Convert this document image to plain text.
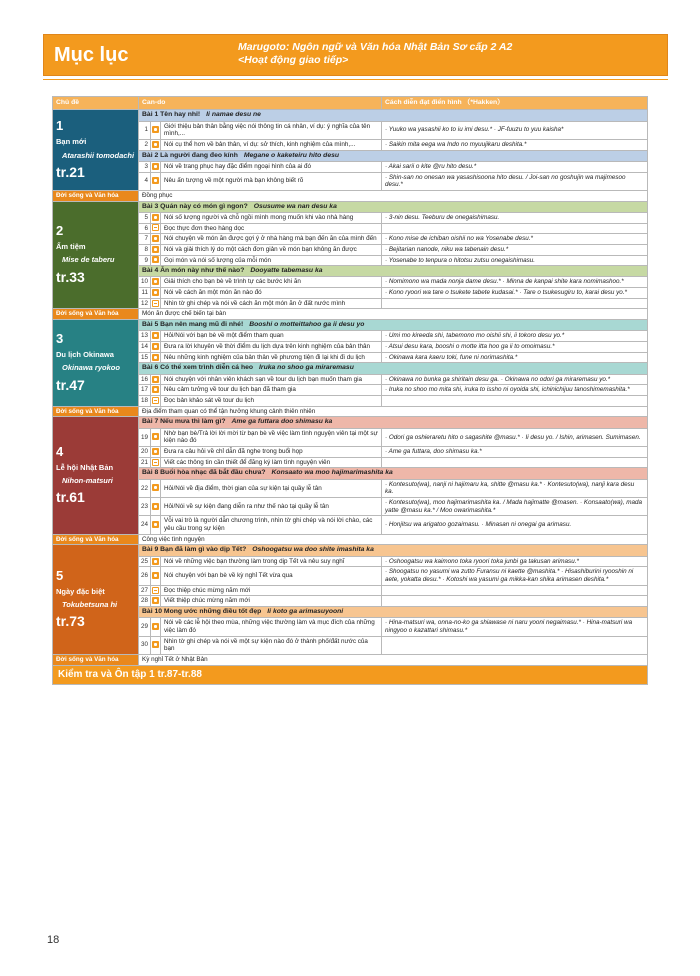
Mục lục	Marugoto: Ngôn ngữ và Văn hóa Nhật Bản Sơ cấp 2 A2
<Hoạt động giao tiếp>
Chủ đề	Can-do			Cách diễn đạt điển hình （*Hakken）

1
Bạn mới
Atarashii tomodachi
tr.21	Bài 1 Tên hay nhỉ! Ii namae desu ne			
	1		Giới thiệu bản thân bằng việc nói thông tin cá nhân, ví dụ: ý nghĩa của tên mình,...	· Yuuko wa yasashii ko to iu imi desu.* · JF-fuuzu to yuu kaisha*
	2		Nói cụ thể hơn về bản thân, ví dụ: sở thích, kinh nghiệm của mình,...	· Saikin mita eega wa Indo no myuujikaru deshita.*
	Bài 2 Là người đang đeo kính Megane o kaketeiru hito desu			
	3		Nói về trang phục hay đặc điểm ngoại hình của ai đó	· Akai sarii o kite @ru hito desu.*
	4		Nêu ấn tượng về một người mà bạn không biết rõ	· Shin-san no onesan wa yasashisoona hito desu. / Joi-san no goshujin wa majimesoo desu.*
Đời sống và Văn hóa	Đồng phục			

2
Ẩm tiệm
Mise de taberu
tr.33	Bài 3 Quán này có món gì ngon? Osusume wa nan desu ka			
	5		Nói số lượng người và chỗ ngồi mình mong muốn khi vào nhà hàng	· 3-nin desu. Teeburu de onegaishimasu.
	6		Đọc thực đơn theo hàng dọc	
	7		Nói chuyện về món ăn được gợi ý ở nhà hàng mà bạn đến ăn của mình đến	· Kono mise de ichiban oishii no wa Yosenabe desu.*
	8		Nói và giải thích lý do một cách đơn giản về món bạn không ăn được	· Bejitarian nanode, niku wa tabenain desu.*
	9		Gọi món và nói số lượng của mỗi món	· Yosenabe to tenpura o hitotsu zutsu onegaishimasu.
	Bài 4 Ăn món này như thế nào? Dooyatte tabemasu ka			
	10		Giải thích cho bạn bè về trình tự các bước khi ăn	· Nomimono wa mada nonja dame desu.* · Minna de kanpai shite kara nomimashoo.*
	11		Nói về cách ăn một món ăn nào đó	· Kono ryoori wa tare o tsukete tabete kudasai.* · Tare o tsukesugiru to, karai desu yo.*
	12		Nhìn tờ ghi chép và nói về cách ăn một món ăn ở đất nước mình	
Đời sống và Văn hóa	Món ăn được chế biến tại bàn			

3
Du lịch Okinawa
Okinawa ryokoo
tr.47	Bài 5 Bạn nên mang mũ đi nhé! Booshi o motteittahoo ga ii desu yo			
	13		Hỏi/Nói với bạn bè về một điểm tham quan	· Umi mo kireeda shi, tabemono mo oishii shi, ii tokoro desu yo.*
	14		Đưa ra lời khuyên về thời điểm du lịch dựa trên kinh nghiệm của bản thân	· Atsui desu kara, booshi o motte itta hoo ga ii to omoimasu.*
	15		Nêu những kinh nghiệm của bản thân về phương tiện đi lại khi đi du lịch	· Okinawa kara kaeru toki, fune ni norimashita.*
	Bài 6 Có thể xem trình diễn cá heo Iruka no shoo ga miraremasu			
	16		Nói chuyện với nhân viên khách sạn về tour du lịch bạn muốn tham gia	· Okinawa no bunka ga shiritain desu ga. · Okinawa no odori ga miraremasu yo.*
	17		Nêu cảm tưởng về tour du lịch bạn đã tham gia	· Iruka no shoo mo mita shi, iruka to issho ni oyoida shi, ichinichijuu tanoshimemashita.*
	18		Đọc bản khảo sát về tour du lịch	
Đời sống và Văn hóa	Địa điểm tham quan có thể tận hưởng khung cảnh thiên nhiên			

4
Lễ hội Nhật Bản
Nihon-matsuri
tr.61	Bài 7 Nếu mưa thì làm gì? Ame ga futtara doo shimasu ka			
	19		Nhờ bạn bè/Trả lời lời mời từ bạn bè về việc làm tình nguyện viên tại một sự kiện nào đó	· Odori ga oshieraretu hito o sagashite @masu.* · Ii desu yo. / Ishin, arimasen. Sumimasen.
	20		Đưa ra câu hỏi về chỉ dẫn đã nghe trong buổi họp	· Ame ga futtara, doo shimasu ka.*
	21		Viết các thông tin cần thiết để đăng ký làm tình nguyện viên	
	Bài 8 Buổi hòa nhạc đã bắt đầu chưa? Konsaato wa moo hajimarimashita ka			
	22		Hỏi/Nói về địa điểm, thời gian của sự kiện tại quầy lễ tân	· Kontesuto(wa), nanji ni hajimaru ka, shitte @masu ka.* · Kontesuto(wa), nanji kara desu ka.
	23		Hỏi/Nói về sự kiện đang diễn ra như thế nào tại quầy lễ tân	· Kontesuto(wa), moo hajimarimashita ka. / Mada hajimatte @masen. · Konsaato(wa), mada yatte @masu ka.* / Moo owarimashita.*
	24		Vỗi vai trò là người dẫn chương trình, nhìn tờ ghi chép và nói lời chào, các yêu cầu trong sự kiện	· Honjitsu wa arigatoo gozaimasu. · Minasan ni onegai ga arimasu.
Đời sống và Văn hóa	Công việc tình nguyện			

5
Ngày đặc biệt
Tokubetsuna hi
tr.73	Bài 9 Bạn đã làm gì vào dịp Tết? Oshoogatsu wa doo shite imashita ka			
	25		Nói về những việc bạn thường làm trong dịp Tết và nêu suy nghĩ	· Oshoogatsu wa kaimono toka ryoori toka junbi ga takusan arimasu.*
	26		Nói chuyện với bạn bè về kỳ nghỉ Tết vừa qua	· Shoogatsu no yasumi wa zutto Furansu ni kaette @mashita.* · Hisashiburini ryooshin ni aete, yokatta desu.* · Kotoshi wa yasumi ga mikka-kan shika arimasen deshita.*
	27		Đọc thiệp chúc mừng năm mới	
	28		Viết thiệp chúc mừng năm mới	
	Bài 10 Mong ước những điều tốt đẹp Ii koto ga arimasuyooni			
	29		Nói về các lễ hội theo mùa, những việc thường làm và mục đích của những việc làm đó	· Hina-matsuri wa, onna-no-ko ga shiawase ni naru yooni negaimasu.* · Hina-matsuri wa ningyoo o kazattari shimasu.*
	30		Nhìn tờ ghi chép và nói về một sự kiện nào đó ở thành phố/đất nước của bạn	
Đời sống và Văn hóa	Kỳ nghỉ Tết ở Nhật Bản			
Kiểm tra và Ôn tập 1 tr.87-tr.88				
18
